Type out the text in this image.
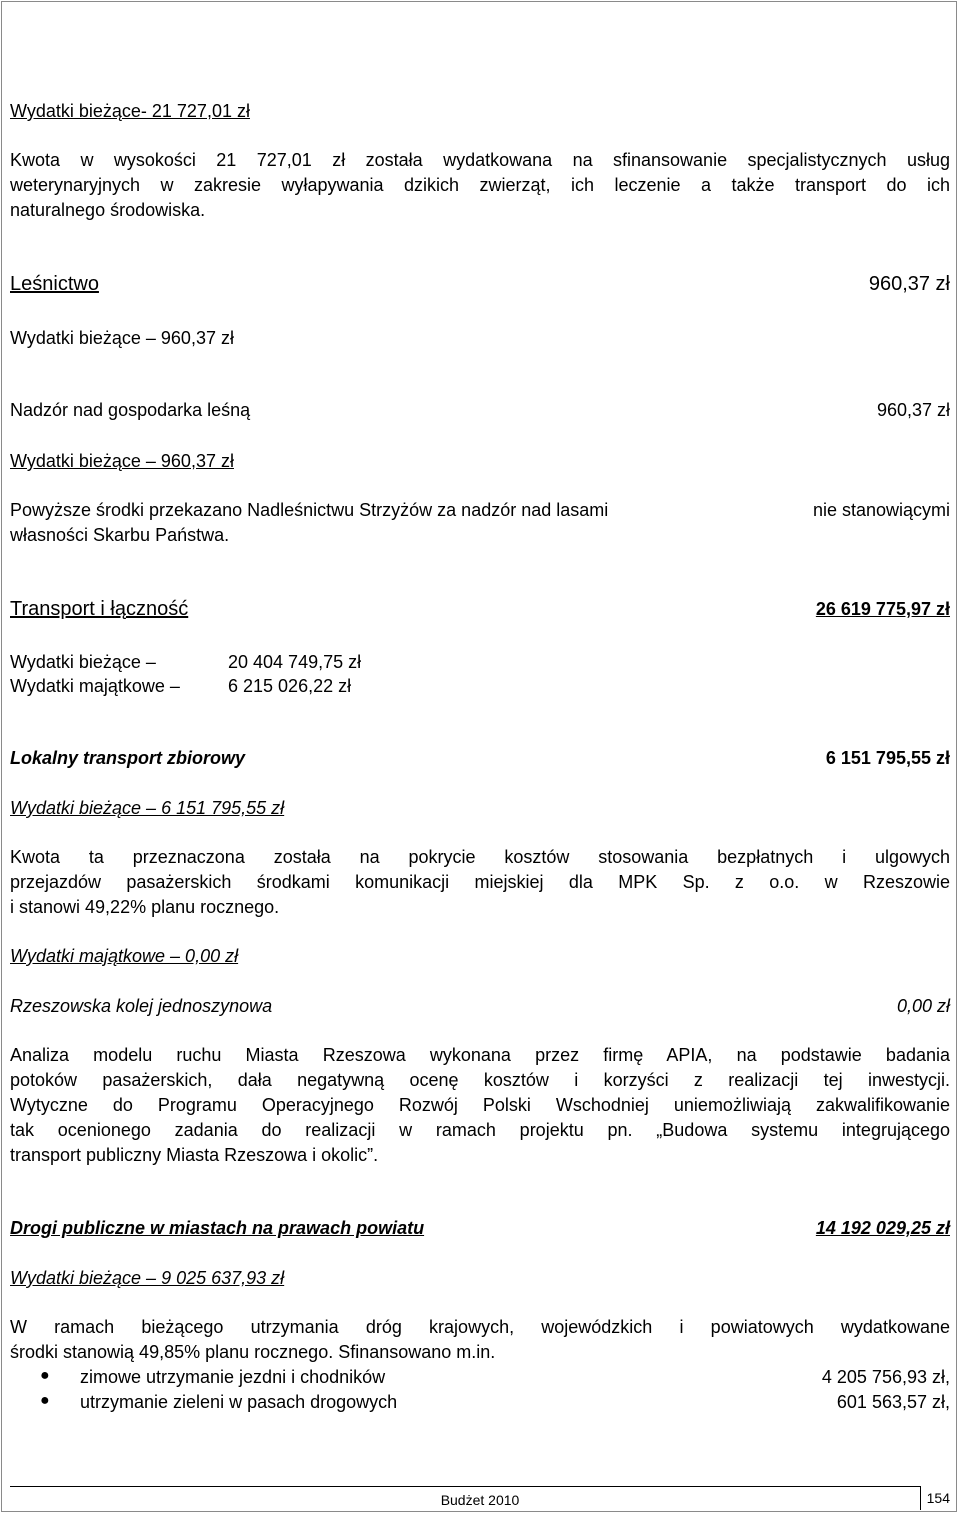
Wydatki bieżące- 21 727,01 zł
Kwota w wysokości 21 727,01 zł została wydatkowana na sfinansowanie specjalistycznych usług
weterynaryjnych w zakresie wyłapywania dzikich zwierząt, ich leczenie a także transport do ich
naturalnego środowiska.
Leśnictwo	960,37 zł
Wydatki bieżące – 960,37 zł
Nadzór nad gospodarka leśną	960,37 zł
Wydatki bieżące – 960,37 zł
Powyższe środki przekazano Nadleśnictwu Strzyżów za nadzór nad lasami	nie stanowiącymi
własności Skarbu Państwa.
Transport i łączność	26 619 775,97 zł
Wydatki bieżące –	20 404 749,75 zł
Wydatki majątkowe –	6 215 026,22 zł
Lokalny transport zbiorowy	6 151 795,55 zł
Wydatki bieżące – 6 151 795,55 zł
Kwota ta przeznaczona została na pokrycie kosztów stosowania bezpłatnych i ulgowych
przejazdów pasażerskich środkami komunikacji miejskiej dla MPK Sp. z o.o. w Rzeszowie
i stanowi 49,22% planu rocznego.
Wydatki majątkowe – 0,00 zł
Rzeszowska kolej jednoszynowa	0,00 zł
Analiza modelu ruchu Miasta Rzeszowa wykonana przez firmę APIA, na podstawie badania
potoków pasażerskich, dała negatywną ocenę kosztów i korzyści z realizacji tej inwestycji.
Wytyczne do Programu Operacyjnego Rozwój Polski Wschodniej uniemożliwiają zakwalifikowanie
tak ocenionego zadania do realizacji w ramach projektu pn. „Budowa systemu integrującego
transport publiczny Miasta Rzeszowa i okolic”.
Drogi publiczne w miastach na prawach powiatu	14 192 029,25 zł
Wydatki bieżące – 9 025 637,93 zł
W ramach bieżącego utrzymania dróg krajowych, wojewódzkich i powiatowych wydatkowane
środki stanowią 49,85% planu rocznego. Sfinansowano m.in.
● zimowe utrzymanie jezdni i chodników	4 205 756,93 zł,
● utrzymanie zieleni w pasach drogowych	601 563,57 zł,
Budżet 2010	154
